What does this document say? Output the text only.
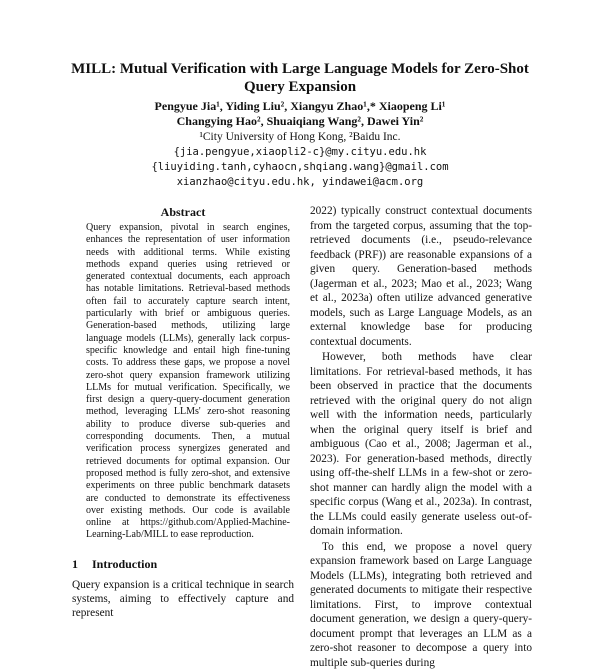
MILL: Mutual Verification with Large Language Models for Zero-Shot Query Expansion
Pengyue Jia¹, Yiding Liu², Xiangyu Zhao¹,* Xiaopeng Li¹
Changying Hao², Shuaiqiang Wang², Dawei Yin²
¹City University of Hong Kong, ²Baidu Inc.
{jia.pengyue,xiaopli2-c}@my.cityu.edu.hk
{liuyiding.tanh,cyhaocn,shqiang.wang}@gmail.com
xianzhao@cityu.edu.hk, yindawei@acm.org
Abstract
Query expansion, pivotal in search engines, enhances the representation of user information needs with additional terms. While existing methods expand queries using retrieved or generated contextual documents, each approach has notable limitations. Retrieval-based methods often fail to accurately capture search intent, particularly with brief or ambiguous queries. Generation-based methods, utilizing large language models (LLMs), generally lack corpus-specific knowledge and entail high fine-tuning costs. To address these gaps, we propose a novel zero-shot query expansion framework utilizing LLMs for mutual verification. Specifically, we first design a query-query-document generation method, leveraging LLMs' zero-shot reasoning ability to produce diverse sub-queries and corresponding documents. Then, a mutual verification process synergizes generated and retrieved documents for optimal expansion. Our proposed method is fully zero-shot, and extensive experiments on three public benchmark datasets are conducted to demonstrate its effectiveness over existing methods. Our code is available online at https://github.com/Applied-Machine-Learning-Lab/MILL to ease reproduction.
1 Introduction
Query expansion is a critical technique in search systems, aiming to effectively capture and represent

2022) typically construct contextual documents from the targeted corpus, assuming that the top-retrieved documents (i.e., pseudo-relevance feedback (PRF)) are reasonable expansions of a given query. Generation-based methods (Jagerman et al., 2023; Mao et al., 2023; Wang et al., 2023a) often utilize advanced generative models, such as Large Language Models, as an external knowledge base for producing contextual documents.

However, both methods have clear limitations. For retrieval-based methods, it has been observed in practice that the documents retrieved with the original query do not align well with the information needs, particularly when the original query itself is brief and ambiguous (Cao et al., 2008; Jagerman et al., 2023). For generation-based methods, directly using off-the-shelf LLMs in a few-shot or zero-shot manner can hardly align the model with a specific corpus (Wang et al., 2023a). In contrast, the LLMs could easily generate useless out-of-domain information.

To this end, we propose a novel query expansion framework based on Large Language Models (LLMs), integrating both retrieved and generated documents to mitigate their respective limitations. First, to improve contextual document generation, we design a query-query-document prompt that leverages an LLM as a zero-shot reasoner to decompose a query into multiple sub-queries during
